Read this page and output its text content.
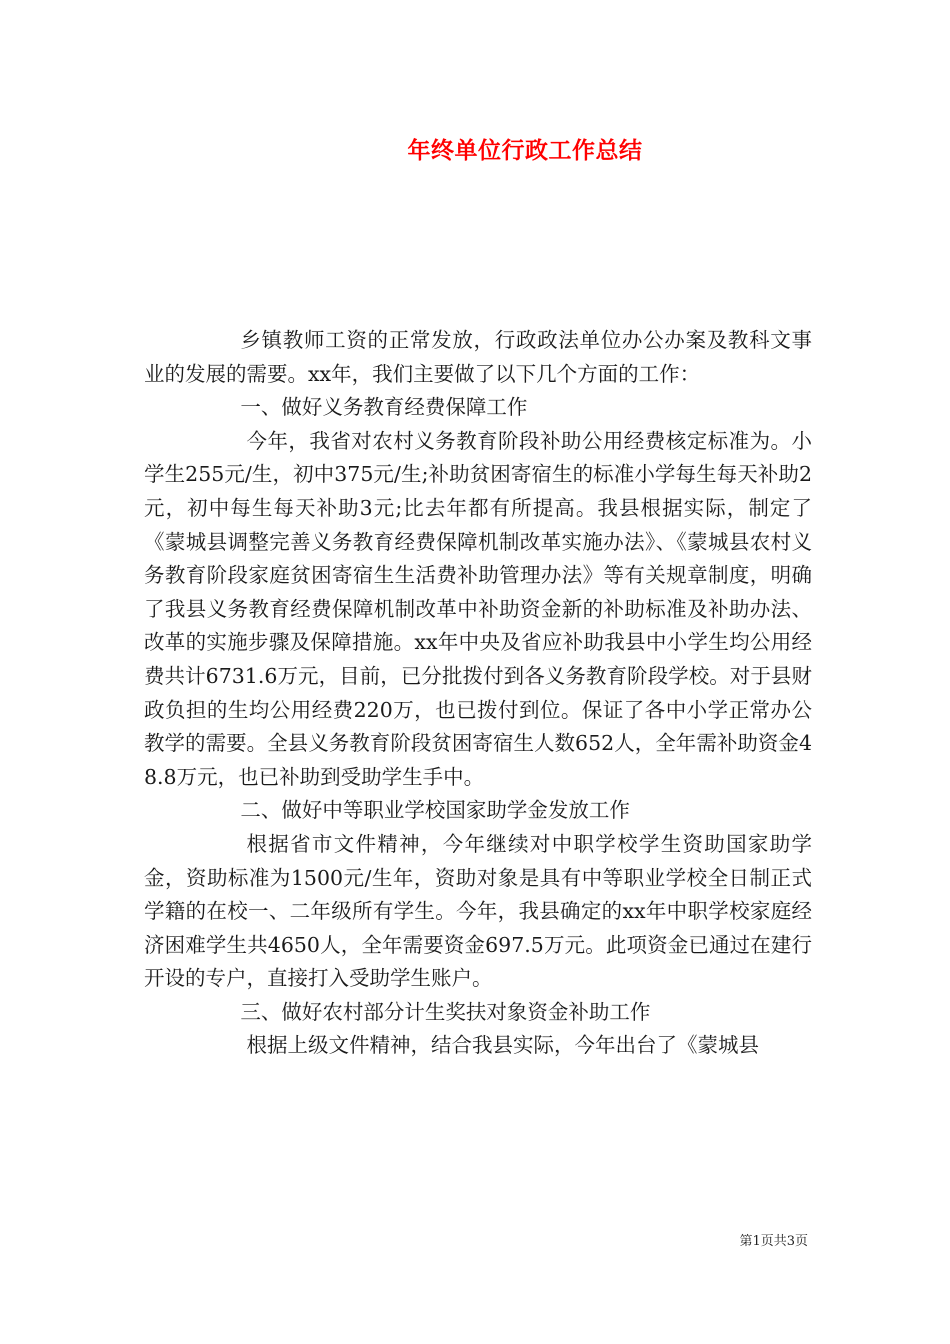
年终单位行政工作总结

乡镇教师工资的正常发放，行政政法单位办公办案及教科文事业的发展的需要。xx年，我们主要做了以下几个方面的工作：

一、做好义务教育经费保障工作

今年，我省对农村义务教育阶段补助公用经费核定标准为。小学生255元/生，初中375元/生;补助贫困寄宿生的标准小学每生每天补助2元，初中每生每天补助3元;比去年都有所提高。我县根据实际，制定了《蒙城县调整完善义务教育经费保障机制改革实施办法》、《蒙城县农村义务教育阶段家庭贫困寄宿生生活费补助管理办法》等有关规章制度，明确了我县义务教育经费保障机制改革中补助资金新的补助标准及补助办法、改革的实施步骤及保障措施。xx年中央及省应补助我县中小学生均公用经费共计6731.6万元，目前，已分批拨付到各义务教育阶段学校。对于县财政负担的生均公用经费220万，也已拨付到位。保证了各中小学正常办公教学的需要。全县义务教育阶段贫困寄宿生人数652人，全年需补助资金48.8万元，也已补助到受助学生手中。

二、做好中等职业学校国家助学金发放工作

根据省市文件精神，今年继续对中职学校学生资助国家助学金，资助标准为1500元/生年，资助对象是具有中等职业学校全日制正式学籍的在校一、二年级所有学生。今年，我县确定的xx年中职学校家庭经济困难学生共4650人，全年需要资金697.5万元。此项资金已通过在建行开设的专户，直接打入受助学生账户。

三、做好农村部分计生奖扶对象资金补助工作

根据上级文件精神，结合我县实际，今年出台了《蒙城县

第1页共3页
